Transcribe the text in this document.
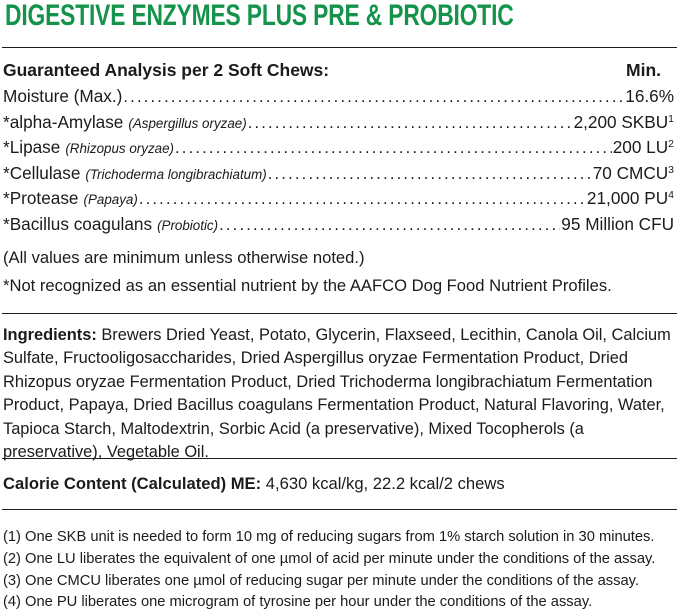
DIGESTIVE ENZYMES PLUS PRE & PROBIOTIC
Guaranteed Analysis per 2 Soft Chews:	Min.
Moisture (Max.) .....	16.6%
*alpha-Amylase (Aspergillus oryzae) .....	2,200 SKBU$^1$
*Lipase (Rhizopus oryzae) .....	200 $LU^2$
*Cellulase (Trichoderma longibrachiatum) .....	70 CMCU$^3$
*Protease (Papaya) .....	21,000 $PU^4$
*Bacillus coagulans (Probiotic) .....	95 Million CFU
(All values are minimum unless otherwise noted.)
*Not recognized as an essential nutrient by the AAFCO Dog Food Nutrient Profiles.
Ingredients: Brewers Dried Yeast, Potato, Glycerin, Flaxseed, Lecithin, Canola Oil, Calcium Sulfate, Fructooligosaccharides, Dried Aspergillus oryzae Fermentation Product, Dried Rhizopus oryzae Fermentation Product, Dried Trichoderma longibrachiatum Fermentation Product, Papaya, Dried Bacillus coagulans Fermentation Product, Natural Flavoring, Water, Tapioca Starch, Maltodextrin, Sorbic Acid (a preservative), Mixed Tocopherols (a preservative), Vegetable Oil.
Calorie Content (Calculated) ME: 4,630 kcal/kg, 22.2 kcal/2 chews
(1) One SKB unit is needed to form 10 mg of reducing sugars from 1% starch solution in 30 minutes.
(2) One LU liberates the equivalent of one µmol of acid per minute under the conditions of the assay.
(3) One CMCU liberates one µmol of reducing sugar per minute under the conditions of the assay.
(4) One PU liberates one microgram of tyrosine per hour under the conditions of the assay.
